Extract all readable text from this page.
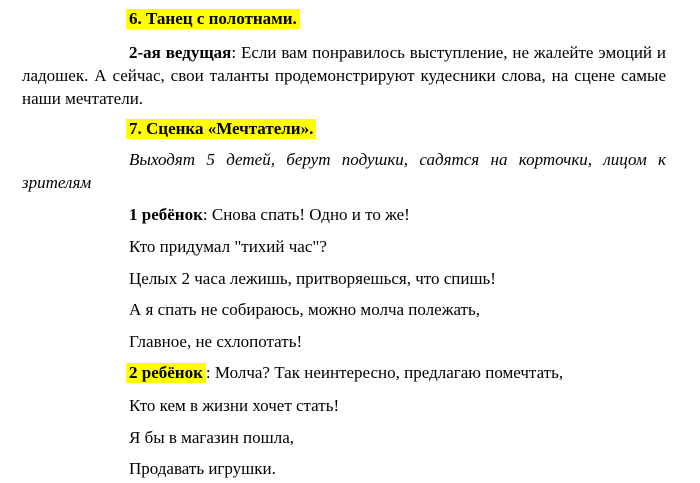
6. Танец с полотнами.
2-ая ведущая: Если вам понравилось выступление, не жалейте эмоций и ладошек. А сейчас, свои таланты продемонстрируют кудесники слова, на сцене самые наши мечтатели.
7. Сценка «Мечтатели».
Выходят 5 детей, берут подушки, садятся на корточки, лицом к зрителям
1 ребёнок: Снова спать! Одно и то же!
Кто придумал "тихий час"?
Целых 2 часа лежишь, притворяешься, что спишь!
А я спать не собираюсь, можно молча полежать,
Главное, не схлопотать!
2 ребёнок : Молча? Так неинтересно, предлагаю помечтать,
Кто кем в жизни хочет стать!
Я бы в магазин пошла,
Продавать игрушки.
